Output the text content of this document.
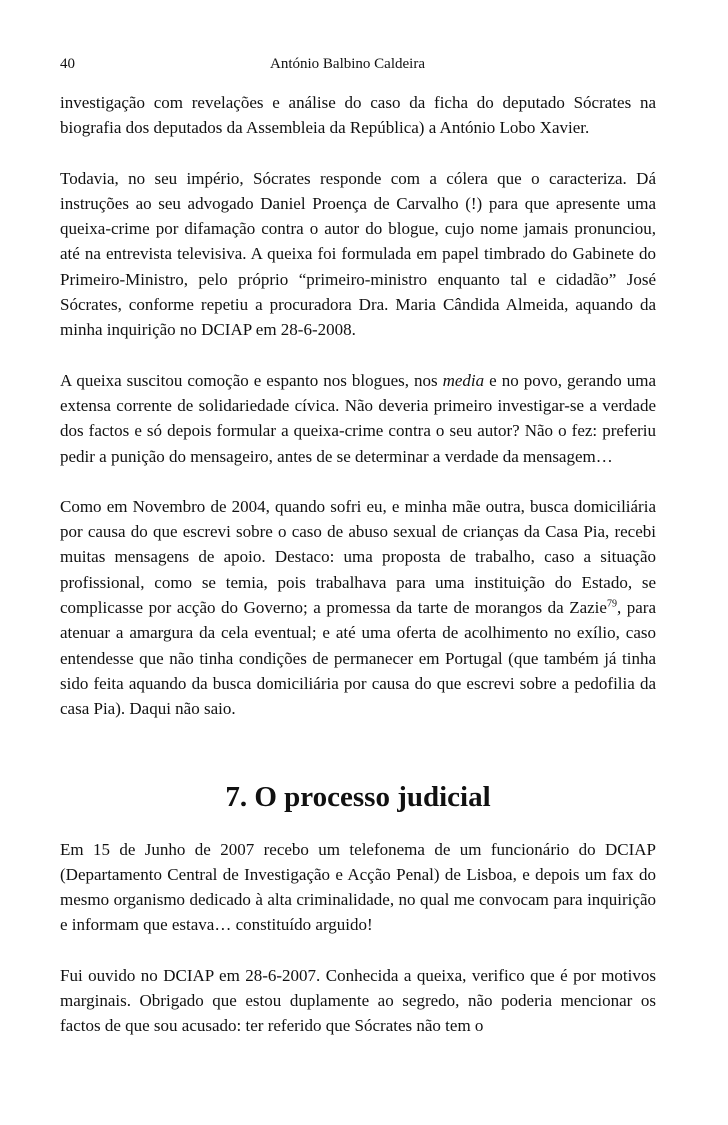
40	António Balbino Caldeira

investigação com revelações e análise do caso da ficha do deputado Sócrates na biografia dos deputados da Assembleia da República) a António Lobo Xavier.

Todavia, no seu império, Sócrates responde com a cólera que o caracteriza. Dá instruções ao seu advogado Daniel Proença de Carvalho (!) para que apresente uma queixa-crime por difamação contra o autor do blogue, cujo nome jamais pronunciou, até na entrevista televisiva. A queixa foi formulada em papel timbrado do Gabinete do Primeiro-Ministro, pelo próprio “primeiro-ministro enquanto tal e cidadão” José Sócrates, conforme repetiu a procuradora Dra. Maria Cândida Almeida, aquando da minha inquirição no DCIAP em 28-6-2008.

A queixa suscitou comoção e espanto nos blogues, nos media e no povo, gerando uma extensa corrente de solidariedade cívica. Não deveria primeiro investigar-se a verdade dos factos e só depois formular a queixa-crime contra o seu autor? Não o fez: preferiu pedir a punição do mensageiro, antes de se determinar a verdade da mensagem…

Como em Novembro de 2004, quando sofri eu, e minha mãe outra, busca domiciliária por causa do que escrevi sobre o caso de abuso sexual de crianças da Casa Pia, recebi muitas mensagens de apoio. Destaco: uma proposta de trabalho, caso a situação profissional, como se temia, pois trabalhava para uma instituição do Estado, se complicasse por acção do Governo; a promessa da tarte de morangos da Zazie$^{79}$, para atenuar a amargura da cela eventual; e até uma oferta de acolhimento no exílio, caso entendesse que não tinha condições de permanecer em Portugal (que também já tinha sido feita aquando da busca domiciliária por causa do que escrevi sobre a pedofilia da casa Pia). Daqui não saio.

7. O processo judicial

Em 15 de Junho de 2007 recebo um telefonema de um funcionário do DCIAP (Departamento Central de Investigação e Acção Penal) de Lisboa, e depois um fax do mesmo organismo dedicado à alta criminalidade, no qual me convocam para inquirição e informam que estava… constituído arguido!

Fui ouvido no DCIAP em 28-6-2007. Conhecida a queixa, verifico que é por motivos marginais. Obrigado que estou duplamente ao segredo, não poderia mencionar os factos de que sou acusado: ter referido que Sócrates não tem o
